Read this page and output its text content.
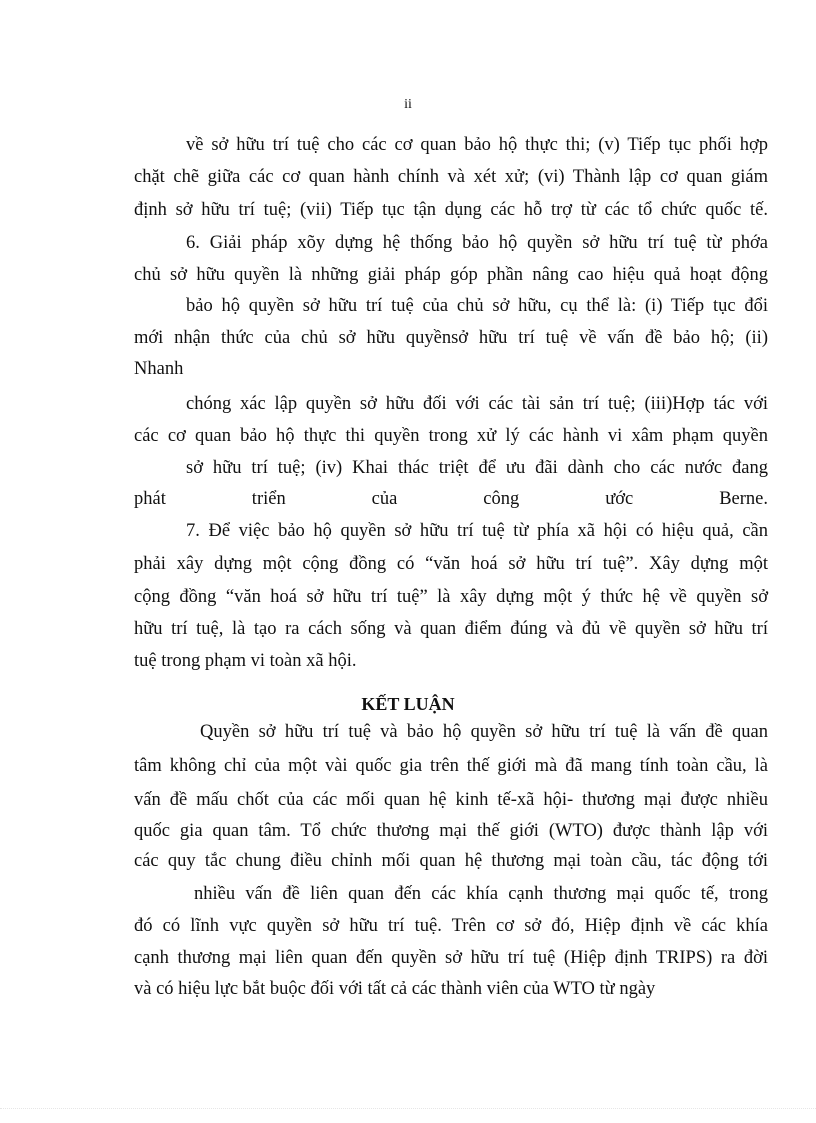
ii
về sở hữu trí tuệ cho các cơ quan bảo hộ thực thi; (v) Tiếp tục phối hợp
chặt chẽ giữa các cơ quan hành chính và xét xử; (vi) Thành lập cơ quan giám
định sở hữu trí tuệ; (vii) Tiếp tục tận dụng các hỗ trợ từ các tổ chức quốc tế.
6. Giải pháp xõy dựng hệ thống bảo hộ quyền sở hữu trí tuệ từ phớa
chủ sở hữu quyền là những giải pháp góp phần nâng cao hiệu quả hoạt động
bảo hộ quyền sở hữu trí tuệ của chủ sở hữu, cụ thể là: (i) Tiếp tục đổi
mới nhận thức của chủ sở hữu quyềnsở hữu trí tuệ về vấn đề bảo hộ; (ii)
Nhanh
chóng xác lập quyền sở hữu đối với các tài sản trí tuệ; (iii)Hợp tác với
các cơ quan bảo hộ thực thi quyền trong xử lý các hành vi xâm phạm quyền
sở hữu trí tuệ; (iv) Khai thác triệt để ưu đãi dành cho các nước đang
phát triển của công ước Berne.
7. Để việc bảo hộ quyền sở hữu trí tuệ từ phía xã hội có hiệu quả, cần
phải xây dựng một cộng đồng có “văn hoá sở hữu trí tuệ”. Xây dựng một
cộng đồng “văn hoá sở hữu trí tuệ” là xây dựng một ý thức hệ về quyền sở
hữu trí tuệ, là tạo ra cách sống và quan điểm đúng và đủ về quyền sở hữu trí
tuệ trong phạm vi toàn xã hội.
KẾT LUẬN
Quyền sở hữu trí tuệ và bảo hộ quyền sở hữu trí tuệ là vấn đề quan
tâm không chỉ của một vài quốc gia trên thế giới mà đã mang tính toàn cầu, là
vấn đề mấu chốt của các mối quan hệ kinh tế-xã hội- thương mại được nhiều
quốc gia quan tâm. Tổ chức thương mại thế giới (WTO) được thành lập với
các quy tắc chung điều chỉnh mối quan hệ thương mại toàn cầu, tác động tới
nhiều vấn đề liên quan đến các khía cạnh thương mại quốc tế, trong
đó có lĩnh vực quyền sở hữu trí tuệ. Trên cơ sở đó, Hiệp định về các khía
cạnh thương mại liên quan đến quyền sở hữu trí tuệ (Hiệp định TRIPS) ra đời
và có hiệu lực bắt buộc đối với tất cả các thành viên của WTO từ ngày
